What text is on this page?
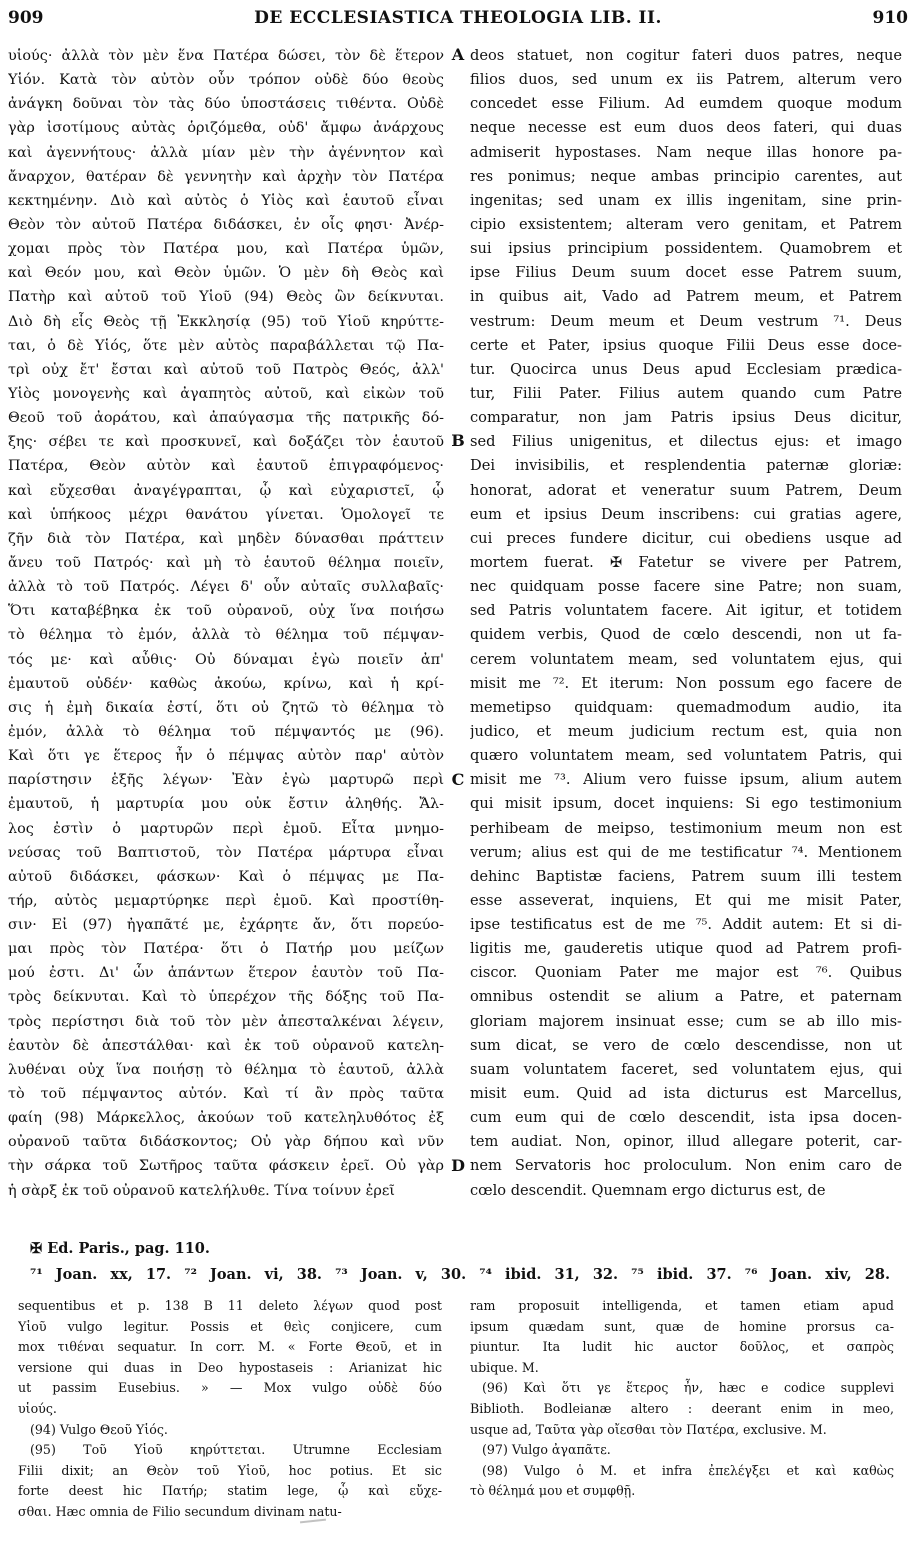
909	DE ECCLESIASTICA THEOLOGIA LIB. II.	910
υἱούς· ἀλλὰ τὸν μὲν ἕνα Πατέρα δώσει, τὸν δὲ ἕτερον
Υἱόν. Κατὰ τὸν αὐτὸν οὖν τρόπον οὐδὲ δύο θεοὺς
ἀνάγκη δοῦναι τὸν τὰς δύο ὑποστάσεις τιθέντα. Οὐδὲ
γὰρ ἰσοτίμους αὐτὰς ὁριζόμεθα, οὐδ' ἄμφω ἀνάρχους
καὶ ἀγεννήτους· ἀλλὰ μίαν μὲν τὴν ἀγέννητον καὶ
ἄναρχον, θατέραν δὲ γεννητὴν καὶ ἀρχὴν τὸν Πατέρα
κεκτημένην. Διὸ καὶ αὐτὸς ὁ Υἱὸς καὶ ἑαυτοῦ εἶναι
Θεὸν τὸν αὐτοῦ Πατέρα διδάσκει, ἐν οἷς φησι· Ἀνέρ-
χομαι πρὸς τὸν Πατέρα μου, καὶ Πατέρα ὑμῶν,
καὶ Θεόν μου, καὶ Θεὸν ὑμῶν. Ὁ μὲν δὴ Θεὸς καὶ
Πατὴρ καὶ αὐτοῦ τοῦ Υἱοῦ (94) Θεὸς ὢν δείκνυται.
Διὸ δὴ εἷς Θεὸς τῇ Ἐκκλησίᾳ (95) τοῦ Υἱοῦ κηρύττε-
ται, ὁ δὲ Υἱός, ὅτε μὲν αὐτὸς παραβάλλεται τῷ Πα-
τρὶ οὐχ ἔτ' ἔσται καὶ αὐτοῦ τοῦ Πατρὸς Θεός, ἀλλ'
Υἱὸς μονογενὴς καὶ ἀγαπητὸς αὐτοῦ, καὶ εἰκὼν τοῦ
Θεοῦ τοῦ ἀοράτου, καὶ ἀπαύγασμα τῆς πατρικῆς δό-
ξης· σέβει τε καὶ προσκυνεῖ, καὶ δοξάζει τὸν ἑαυτοῦ
Πατέρα, Θεὸν αὐτὸν καὶ ἑαυτοῦ ἐπιγραφόμενος·
καὶ εὔχεσθαι ἀναγέγραπται, ᾧ καὶ εὐχαριστεῖ, ᾧ
καὶ ὑπήκοος μέχρι θανάτου γίνεται. Ὁμολογεῖ τε
ζῆν διὰ τὸν Πατέρα, καὶ μηδὲν δύνασθαι πράττειν
ἄνευ τοῦ Πατρός· καὶ μὴ τὸ ἑαυτοῦ θέλημα ποιεῖν,
ἀλλὰ τὸ τοῦ Πατρός. Λέγει δ' οὖν αὐταῖς συλλαβαῖς·
Ὅτι καταβέβηκα ἐκ τοῦ οὐρανοῦ, οὐχ ἵνα ποιήσω
τὸ θέλημα τὸ ἐμόν, ἀλλὰ τὸ θέλημα τοῦ πέμψαν-
τός με· καὶ αὖθις· Οὐ δύναμαι ἐγὼ ποιεῖν ἀπ'
ἐμαυτοῦ οὐδέν· καθὼς ἀκούω, κρίνω, καὶ ἡ κρί-
σις ἡ ἐμὴ δικαία ἐστί, ὅτι οὐ ζητῶ τὸ θέλημα τὸ
ἐμόν, ἀλλὰ τὸ θέλημα τοῦ πέμψαντός με (96).
Καὶ ὅτι γε ἕτερος ἦν ὁ πέμψας αὐτὸν παρ' αὐτὸν
παρίστησιν ἑξῆς λέγων· Ἐὰν ἐγὼ μαρτυρῶ περὶ
ἐμαυτοῦ, ἡ μαρτυρία μου οὐκ ἔστιν ἀληθής. Ἄλ-
λος ἐστὶν ὁ μαρτυρῶν περὶ ἐμοῦ. Εἶτα μνημο-
νεύσας τοῦ Βαπτιστοῦ, τὸν Πατέρα μάρτυρα εἶναι
αὐτοῦ διδάσκει, φάσκων· Καὶ ὁ πέμψας με Πα-
τήρ, αὐτὸς μεμαρτύρηκε περὶ ἐμοῦ. Καὶ προστίθη-
σιν· Εἰ (97) ἠγαπᾶτέ με, ἐχάρητε ἄν, ὅτι πορεύο-
μαι πρὸς τὸν Πατέρα· ὅτι ὁ Πατήρ μου μείζων
μού ἐστι. Δι' ὧν ἁπάντων ἕτερον ἑαυτὸν τοῦ Πα-
τρὸς δείκνυται. Καὶ τὸ ὑπερέχον τῆς δόξης τοῦ Πα-
τρὸς περίστησι διὰ τοῦ τὸν μὲν ἀπεσταλκέναι λέγειν,
ἑαυτὸν δὲ ἀπεστάλθαι· καὶ ἐκ τοῦ οὐρανοῦ κατελη-
λυθέναι οὐχ ἵνα ποιήσῃ τὸ θέλημα τὸ ἑαυτοῦ, ἀλλὰ
τὸ τοῦ πέμψαντος αὐτόν. Καὶ τί ἂν πρὸς ταῦτα
φαίη (98) Μάρκελλος, ἀκούων τοῦ κατεληλυθότος ἐξ
οὐρανοῦ ταῦτα διδάσκοντος; Οὐ γὰρ δήπου καὶ νῦν
τὴν σάρκα τοῦ Σωτῆρος ταῦτα φάσκειν ἐρεῖ. Οὐ γὰρ
ἡ σὰρξ ἐκ τοῦ οὐρανοῦ κατελήλυθε. Τίνα τοίνυν ἐρεῖ
deos statuet, non cogitur fateri duos patres, neque
filios duos, sed unum ex iis Patrem, alterum vero
concedet esse Filium. Ad eumdem quoque modum
neque necesse est eum duos deos fateri, qui duas
admiserit hypostases. Nam neque illas honore pa-
res ponimus; neque ambas principio carentes, aut
ingenitas; sed unam ex illis ingenitam, sine prin-
cipio exsistentem; alteram vero genitam, et Patrem
sui ipsius principium possidentem. Quamobrem et
ipse Filius Deum suum docet esse Patrem suum,
in quibus ait, Vado ad Patrem meum, et Patrem
vestrum: Deum meum et Deum vestrum ⁷¹. Deus
certe et Pater, ipsius quoque Filii Deus esse doce-
tur. Quocirca unus Deus apud Ecclesiam prædica-
tur, Filii Pater. Filius autem quando cum Patre
comparatur, non jam Patris ipsius Deus dicitur,
sed Filius unigenitus, et dilectus ejus: et imago
Dei invisibilis, et resplendentia paternæ gloriæ:
honorat, adorat et veneratur suum Patrem, Deum
eum et ipsius Deum inscribens: cui gratias agere,
cui preces fundere dicitur, cui obediens usque ad
mortem fuerat. ✠ Fatetur se vivere per Patrem,
nec quidquam posse facere sine Patre; non suam,
sed Patris voluntatem facere. Ait igitur, et totidem
quidem verbis, Quod de cœlo descendi, non ut fa-
cerem voluntatem meam, sed voluntatem ejus, qui
misit me ⁷². Et iterum: Non possum ego facere de
memetipso quidquam: quemadmodum audio, ita
judico, et meum judicium rectum est, quia non
quæro voluntatem meam, sed voluntatem Patris, qui
misit me ⁷³. Alium vero fuisse ipsum, alium autem
qui misit ipsum, docet inquiens: Si ego testimonium
perhibeam de meipso, testimonium meum non est
verum; alius est qui de me testificatur ⁷⁴. Mentionem
dehinc Baptistæ faciens, Patrem suum illi testem
esse asseverat, inquiens, Et qui me misit Pater,
ipse testificatus est de me ⁷⁵. Addit autem: Et si di-
ligitis me, gauderetis utique quod ad Patrem profi-
ciscor. Quoniam Pater me major est ⁷⁶. Quibus
omnibus ostendit se alium a Patre, et paternam
gloriam majorem insinuat esse; cum se ab illo mis-
sum dicat, se vero de cœlo descendisse, non ut
suam voluntatem faceret, sed voluntatem ejus, qui
misit eum. Quid ad ista dicturus est Marcellus,
cum eum qui de cœlo descendit, ista ipsa docen-
tem audiat. Non, opinor, illud allegare poterit, car-
nem Servatoris hoc proloculum. Non enim caro de
cœlo descendit. Quemnam ergo dicturus est, de
A
B
C
D
✠ Ed. Paris., pag. 110.
⁷¹ Joan. xx, 17. ⁷² Joan. vi, 38. ⁷³ Joan. v, 30. ⁷⁴ ibid. 31, 32. ⁷⁵ ibid. 37. ⁷⁶ Joan. xiv, 28.
sequentibus et p. 138 B 11 deleto λέγων quod post
Υἱοῦ vulgo legitur. Possis et θεὶς conjicere, cum
mox τιθέναι sequatur. In corr. M. « Forte Θεοῦ, et in
versione qui duas in Deo hypostaseis : Arianizat hic
ut passim Eusebius. » — Mox vulgo οὐδὲ δύο
υἱούς.
(94) Vulgo Θεοῦ Υἱός.
(95) Τοῦ Υἱοῦ κηρύττεται. Utrumne Ecclesiam
Filii dixit; an Θεὸν τοῦ Υἱοῦ, hoc potius. Et sic
forte deest hic Πατήρ; statim lege, ᾧ καὶ εὔχε-
σθαι. Hæc omnia de Filio secundum divinam natu-
ram proposuit intelligenda, et tamen etiam apud
ipsum quædam sunt, quæ de homine prorsus ca-
piuntur. Ita ludit hic auctor δοῦλος, et σαπρὸς
ubique. M.
(96) Καὶ ὅτι γε ἕτερος ἦν, hæc e codice supplevi
Biblioth. Bodleianæ altero : deerant enim in meo,
usque ad, Ταῦτα γὰρ οἴεσθαι τὸν Πατέρα, exclusive. M.
(97) Vulgo ἀγαπᾶτε.
(98) Vulgo ὁ M. et infra ἐπελέγξει et καὶ καθὼς
τὸ θέλημά μου et συμφθῇ.
